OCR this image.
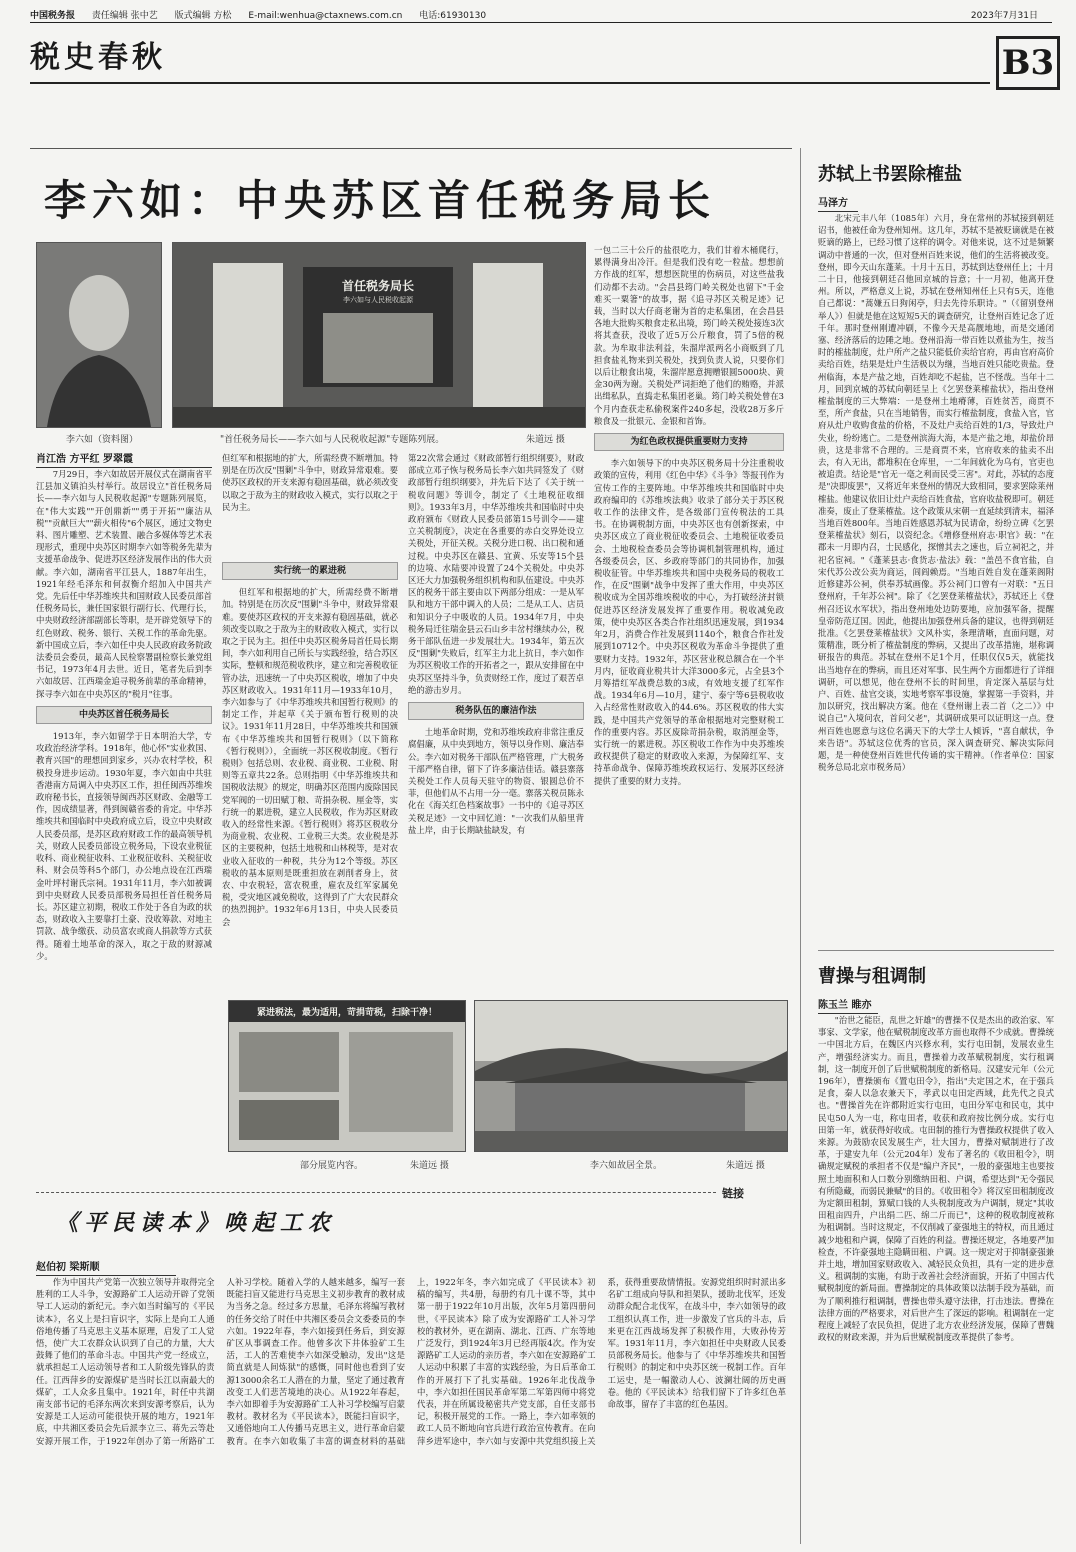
中国税务报 责任编辑 张中艺 版式编辑 方松 E-mail:wenhua@ctaxnews.com.cn 电话:61930130	2023年7月31日
税史春秋	B3
李六如：中央苏区首任税务局长
李六如（资料图）
首任税务局长
李六如与人民税收起源
"首任税务局长——李六如与人民税收起源"专题陈列展。	朱道远 摄
肖江浩 方平红 罗翠霞

7月29日，李六如故居开展仪式在湖南省平江县加义镇泊头村举行。故居设立"首任税务局长——李六如与人民税收起源"专题陈列展览，在"伟大实践""开创鼎新""勇于开拓""廉洁从税""贡献巨大""薪火相传"6个展区，通过文物史料、图片雕塑、艺术装置、融合多媒体等艺术表现形式，重现中央苏区时期李六如等税务先辈为支援革命战争、促进苏区经济发展作出的伟大贡献。李六如，湖南省平江县人，1887年出生，1921年经毛泽东和何叔衡介绍加入中国共产党。先后任中华苏维埃共和国财政人民委员部首任税务局长，兼任国家银行副行长、代理行长，中央财政经济部副部长等职，是开辟党领导下的红色财政、税务、银行、关税工作的革命先驱。新中国成立后，李六如任中央人民政府政务院政法委员会委员，最高人民检察署副检察长兼党组书记，1973年4月去世。近日，笔者先后到李六如故居、江西瑞金追寻税务前辈的革命精神，探寻李六如在中央苏区的"税月"往事。

中央苏区首任税务局长

1913年，李六如留学于日本明治大学，专攻政治经济学科。1918年，他心怀"实业救国、教育兴国"的理想回到家乡，兴办农村学校，积极投身进步运动。1930年夏，李六如由中共驻香港南方局调入中央苏区工作，担任闽西苏维埃政府秘书长，直接领导闽西苏区财政、金融等工作，因成绩显著，得到闽赣省委的肯定。中华苏维埃共和国临时中央政府成立后，设立中央财政人民委员部，是苏区政府财政工作的最高领导机关，财政人民委员部设立税务局，下设农业税征收科、商业税征收科、工业税征收科、关税征收科、财会员等科5个部门，办公地点设在江西瑞金叶坪村谢氏宗祠。1931年11月，李六如被调到中央财政人民委员部税务局担任首任税务局长。苏区建立初期，税收工作处于各自为政的状态，财政收入主要靠打土豪、没收筹款、对地主罚款、战争缴获、动员富农或商人捐款等方式获得。随着土地革命的深入，取之于敌的财源减少。

实行统一的累进税

但红军和根据地的扩大，所需经费不断增加。特别是在历次反"围剿"斗争中，财政异常艰难。要使苏区政权的开支来源有稳固基础，就必须改变以取之于敌为主的财政收入模式，实行以取之于民为主。担任中央苏区税务局首任局长期间，李六如利用自己所长与实践经验，结合苏区实际，整顿和规范税收秩序，建立和完善税收征管办法，迅速统一了中央苏区税收，增加了中央苏区财政收入。1931年11月—1933年10月，李六如参与了《中华苏维埃共和国暂行税则》的制定工作，并起草《关于颁布暂行税则的决议》。1931年11月28日，中华苏维埃共和国颁布《中华苏维埃共和国暂行税则》（以下简称《暂行税则》），全面统一苏区税收制度。《暂行税则》包括总则、农业税、商业税、工业税、附则等五章共22条。总则指明《中华苏维埃共和国税收法规》的规定，明确苏区范围内废除国民党军阀的一切田赋丁粮、苛捐杂税、厘金等，实行统一的累进税，建立人民税收，作为苏区财政收入的经常性来源。《暂行税则》将苏区税收分为商业税、农业税、工业税三大类。农业税是苏区的主要税种，包括土地税和山林税等，是对农业收入征收的一种税，共分为12个等级。苏区税收的基本原则是既重担放在剥削者身上，贫农、中农税轻，富农税重，雇农及红军家属免税，受灾地区减免税收，这得到了广大农民群众的热烈拥护。1932年6月13日，中央人民委员会

但红军和根据地的扩大，所需经费不断增加。特别是在历次反"围剿"斗争中，财政异常艰难。要使苏区政权的开支来源有稳固基础，就必须改变以取之于敌为主的财政收入模式，实行以取之于民为主。

第22次常会通过《财政部暂行组织纲要》，财政部成立邓子恢与税务局长李六如共同签发了《财政部暂行组织纲要》，并先后下达了《关于统一税收问题》等训令，制定了《土地税征收细则》。1933年3月，中华苏维埃共和国临时中央政府颁布《财政人民委员部第15号训令——建立关税制度》，决定在各重要的赤白交界处设立关税处，开征关税。关税分进口税、出口税和通过税。中央苏区在赣县、宜黄、乐安等15个县的边境、水陆要冲设置了24个关税处。中央苏区还大力加强税务组织机构和队伍建设。中央苏区的税务干部主要由以下两部分组成：一是从军队和地方干部中调入的人员；二是从工人、店员和知识分子中吸收的人员。1934年7月，中央税务局迁往瑞金县云石山乡丰岔村继续办公，税务干部队伍进一步发展壮大。1934年，第五次反"围剿"失败后，红军主力北上抗日，李六如作为苏区税收工作的开拓者之一，跟从安排留在中央苏区坚持斗争，负责财经工作，度过了艰苦卓绝的游击岁月。

税务队伍的廉洁作法

土地革命时期，党和苏维埃政府非常注重反腐倡廉，从中央到地方，领导以身作则、廉洁奉公。李六如对税务干部队伍严格管理，广大税务干部严格自律，留下了许多廉洁佳话。赣县寨落关税处工作人员每天驻守的物资、银圆总价不菲，但他们从不占用一分一毫。寨落关税员陈永化在《海关红色档案故事》一书中的《追寻苏区关税足迹》一文中回忆道："一次我们从船里背盐上岸，由于长期缺盐缺发，有

一包二三十公斤的盐很吃力，我们甘着木桶爬行，累得满身出冷汗。但是我们没有吃一粒盐。想想前方作战的红军，想想医院里的伤病员，对这些盐我们动都不去动。"会昌县筠门岭关税处也留下"千金难买一粟箸"的故事，据《追寻苏区关税足迹》记载，当时以大仔商老谢为首的走私集团，在会昌县各地大批购买粮食走私出境，筠门岭关税处接连3次将其查获，没收了近5万公斤粮食，罚了5倍的税款。为牟取非法利益，朱溜岸派两名小商贩到了几担食盐礼物来到关税处，找到负责人说，只要你们以后让粮食出境，朱溜岸愿意拥赠银圆5000块、黄金30两为谢。关税处严词拒绝了他们的贿赂，并派出缉私队，直捣走私集团老巢。筠门岭关税处曾在3个月内查获走私偷税案件240多起，没收28万多斤粮食及一批银元、金银和首饰。

为红色政权提供重要财力支持

李六如领导下的中央苏区税务局十分注重税收政策的宣传，利用《红色中华》《斗争》等报刊作为宣传工作的主要阵地。中华苏维埃共和国临时中央政府编印的《苏维埃法典》收录了部分关于苏区税收工作的法律文件，是各级部门宣传税法的工具书。在协调税制方面，中央苏区也有创新探索，中央苏区成立了商业税征收委员会、土地税征收委员会、土地税检查委员会等协调机制管理机构，通过各级委员会，区、乡政府等部门的共同协作，加强税收征管。中华苏维埃共和国中央税务局的税收工作，在反"围剿"战争中发挥了重大作用，中央苏区税收成为全国苏维埃税收的中心，为打破经济封锁促进苏区经济发展发挥了重要作用。税收减免政策，使中央苏区各类合作社组织迅速发展，到1934年2月，消费合作社发展到1140个，粮食合作社发展到10712个。中央苏区税收为革命斗争提供了重要财力支持。1932年，苏区营业税总额合在一个半月内，征收商业税共计大洋3000多元，占全县3个月筹措红军战费总数的3成，有效地支援了红军作战。1934年6月—10月，建宁、泰宁等6县税收收入占经常性财政收入的44.6%。苏区税收的伟大实践，是中国共产党领导的革命根据地对完整财税工作的重要内容。苏区废除苛捐杂税，取消厘金等，实行统一的累进税。苏区税收工作作为中央苏维埃政权提供了稳定的财政收入来源，为保障红军、支持革命战争、保障苏维埃政权运行、发展苏区经济提供了重要的财力支持。

紧进税法，最为适用，苛捐苛税，扫除干净！
部分展览内容。	朱道远 摄	李六如故居全景。	朱道远 摄
链接
《平民读本》唤起工农
赵伯初 梁斯顺

作为中国共产党第一次独立领导并取得完全胜利的工人斗争，安源路矿工人运动开辟了党领导工人运动的新纪元。李六如当时编写的《平民读本》，名义上是扫盲识字，实际上是向工人通俗地传播了马克思主义基本原理，启发了工人觉悟，使广大工农群众认识到了自己的力量，大大鼓舞了他们的革命斗志。中国共产党一经成立，就承担起工人运动领导者和工人阶级先锋队的责任。江西萍乡的安源煤矿是当时长江以南最大的煤矿，工人众多且集中。1921年，时任中共湖南支部书记的毛泽东两次来到安源考察后，认为安源是工人运动可能很快开展的地方，1921年底，中共湘区委员会先后派李立三、蒋先云等赴安源开展工作，于1922年创办了第一所路矿工人补习学校。随着入学的人越来越多，编写一套既能扫盲又能进行马克思主义初步教育的教材成为当务之急。经过多方思量，毛泽东将编写教材的任务交给了时任中共湘区委员会文委委员的李六如。1922年春，李六如接到任务后，到安源矿区从事调查工作。他曾多次下井体验矿工生活，工人的苦难使李六如深受触动，发出"这是简直就是人间炼狱"的感慨，同时他也看到了安源13000余名工人潜在的力量，坚定了通过教育改变工人们悲苦境地的决心。从1922年春起，李六如即着手为安源路矿工人补习学校编写启蒙教材。教材名为《平民读本》，既能扫盲识字，又通俗地向工人传播马克思主义，进行革命启蒙教育。在李六如收集了丰富的调查材料的基础上，1922年冬，李六如完成了《平民读本》初稿的编写，共4册，每册约有几十课不等，其中第一册于1922年10月出版，次年5月第四册问世，《平民读本》除了成为安源路矿工人补习学校的教材外，更在湖南、湖北、江西、广东等地广泛发行，到1924年3月已经再版4次。作为安源路矿工人运动的亲历者，李六如在安源路矿工人运动中积累了丰富的实践经验，为日后革命工作的开展打下了扎实基础。1926年北伐战争中，李六如担任国民革命军第二军第四师中将党代表，并在所属设秘密共产党支部，自任支部书记，积极开展党的工作。一路上，李六如率领的政工人员不断地向官兵进行政治宣传教育。在向萍乡进军途中，李六如与安源中共党组织接上关系，获得重要敌情情报。安源党组织时时派出多名矿工组成向导队和担架队，援助北伐军，还发动群众配合北伐军，在战斗中，李六如领导的政工组织认真工作，进一步激发了官兵的斗志，后来更在江西战场发挥了积极作用，大败孙传芳军。1931年11月，李六如担任中央财政人民委员部税务局长。他参与了《中华苏维埃共和国暂行税则》的制定和中央苏区统一税制工作。百年工运史，是一幅激动人心、波澜壮阔的历史画卷。他的《平民读本》给我们留下了许多红色革命故事，留存了丰富的红色基因。

苏轼上书罢除榷盐
马泽方

北宋元丰八年（1085年）六月，身在常州的苏轼接到朝廷诏书，他被任命为登州知州。这几年，苏轼不是被贬谪就是在被贬谪的路上，已经习惯了这样的调令。对他来说，这不过是频繁调动中普通的一次，但对登州百姓来说，他们的生活将被改变。登州，即今天山东蓬莱。十月十五日，苏轼到达登州任上；十月二十日，他接到朝廷召他回京城的旨意；十一月初，他离开登州。所以，严格意义上说，苏轼在登州知州任上只有5天，连他自己都说："蒿嫌五日狗闲亭，归去先待乐职诗。"（《留别登州举人》）但就是他在这短短5天的调查研究，让登州百姓记念了近千年。那时登州刚遭冲刷，不像今天是高靓地地，而是交通闭塞、经济落后的边陲之地。登州沿海一带百姓以煮盐为生，按当时的榷盐制度，灶户所产之盐只能低价卖给官府，再由官府高价卖给百姓，结果是灶户生活极以为继，当地百姓只能吃贵盐。登州临海，本是产盐之地，百姓却吃不起盐，岂不怪哉。当年十二月，回到京城的苏轼向朝廷呈上《乞罢登莱榷盐状》，指出登州榷盐制度的三大弊端：一是登州土地瘠薄，百姓贫苦，商贾不至，所产食盐，只在当地销售，而实行榷盐制度，食盐入官，官府从灶户收购食盐的价格，不及灶户卖给百姓的1/3，导致灶户失业，纷纷逃亡。二是登州滨海大海，本是产盐之地，却盐价昂贵，这是非常不合理的。三是商贾不来，官府收来的盐卖不出去，有入无出，都堆积在仓库里，一二年间就化为乌有，官吏也被追责。结论是"官无一毫之利而民受三害"。对此，苏轼的态度是"决即废罢"，又将近年来登州的情况大致相同，要求罢除莱州榷盐。他建议依旧让灶户卖给百姓食盐，官府收盐税即可。朝廷准奏，废止了登莱榷盐。这个政策从宋朝一直延续到清末，福泽当地百姓800年。当地百姓感恩苏轼为民请命，纷纷立碑《乞罢登莱榷盐状》刻石，以资纪念。《增修登州府志·职官》载："在郡未一月即内召，士民感化，探憎其去之速也，后立祠祀之，并祀名宦祠。"《蓬莱县志·食货志·盐法》载："盖邑不食官盐，自宋代苏公改公卖为商运，闾阎赖焉。"当地百姓自发在蓬莱阁附近修建苏公祠，供奉苏轼画像。苏公祠门口曾有一对联："五日登州府，千年苏公祠"。除了《乞罢登莱榷盐状》，苏轼还上《登州召还议水军状》，指出登州地处边防要地，应加强军备，提醒皇帝防范辽国。因此，他提出加强登州兵备的建议，也得到朝廷批准。《乞罢登莱榷盐状》文风朴实，条理清晰，直面问题，对策精准，既分析了榷盐制度的弊病，又提出了改革措施，堪称调研报告的典范。苏轼在登州不足1个月，任职仅仅5天，就能找出当地存在的弊病，而且还对军事、民生两个方面都进行了详细调研，可以想见，他在登州不长的时间里，肯定深入基层与灶户、百姓、盐官交谈，实地考察军事设施，掌握第一手资料，并加以研究，找出解决方案。他在《登州谢上表二首（之二）》中说自己"入境问农，首问父老"，其调研成果可以证明这一点。登州百姓也愿意与这位名满天下的大学士人倾诉，"喜自献状，争来告语"。苏轼这位优秀的官员，深入调查研究、解决实际问题，是一种使登州百姓世代传诵的实干精神。（作者单位：国家税务总局北京市税务局）

曹操与租调制
陈玉兰 睢亦

"治世之能臣，乱世之奸雄"的曹操不仅是杰出的政治家、军事家、文学家，他在赋税制度改革方面也取得不少成就。曹操统一中国北方后，在魏区内兴修水利，实行屯田制，发展农业生产，增强经济实力。而且，曹操着力改革赋税制度，实行租调制，这一制度开创了后世赋税制度的新格局。汉建安元年（公元196年），曹操颁布《置屯田令》，指出"夫定国之术，在于强兵足食，秦人以急农兼天下，孝武以屯田定西域，此先代之良式也。"曹操首先在许都附近实行屯田，屯田分军屯和民屯，其中民屯50人为一屯，称屯田者，收获和政府按比例分成。实行屯田第一年，就获得好收成。屯田制的推行为曹操政权提供了收入来源。为鼓励农民发展生产，壮大国力，曹操对赋制进行了改革，于建安九年（公元204年）发布了著名的《收田租令》，明确规定赋税的承担者不仅是"编户齐民"，一般的豪强地主也要按照土地面积和人口数分别缴纳田租、户调，希望达到"无令强民有所隐藏，而弱民兼赋"的目的。《收田租令》将汉室田租制度改为定额田租制，算赋口钱的人头税制度改为户调制，规定"其收田租亩四升，户出绢二匹、绵二斤而已"，这种的税收制度被称为租调制。当时这规定，不仅削减了豪强地主的特权，而且通过减少地租和户调，保障了百姓的利益。曹操还规定，各地要严加检查，不许豪强地主隐瞒田租、户调。这一规定对于抑制豪强兼并土地，增加国家财政收入、减轻民众负担，具有一定的进步意义。租调制的实施，有助于改善社会经济面貌，开拓了中国古代赋税制度的新局面。曹操制定的具体政策以法制手段为基础，而为了顺利推行租调制，曹操也带头遵守法律，打击违法。曹操在法律方面的严格要求，对后世产生了深远的影响。租调制在一定程度上减轻了农民负担，促进了北方农业经济发展，保障了曹魏政权的财政来源，并为后世赋税制度改革提供了参考。
